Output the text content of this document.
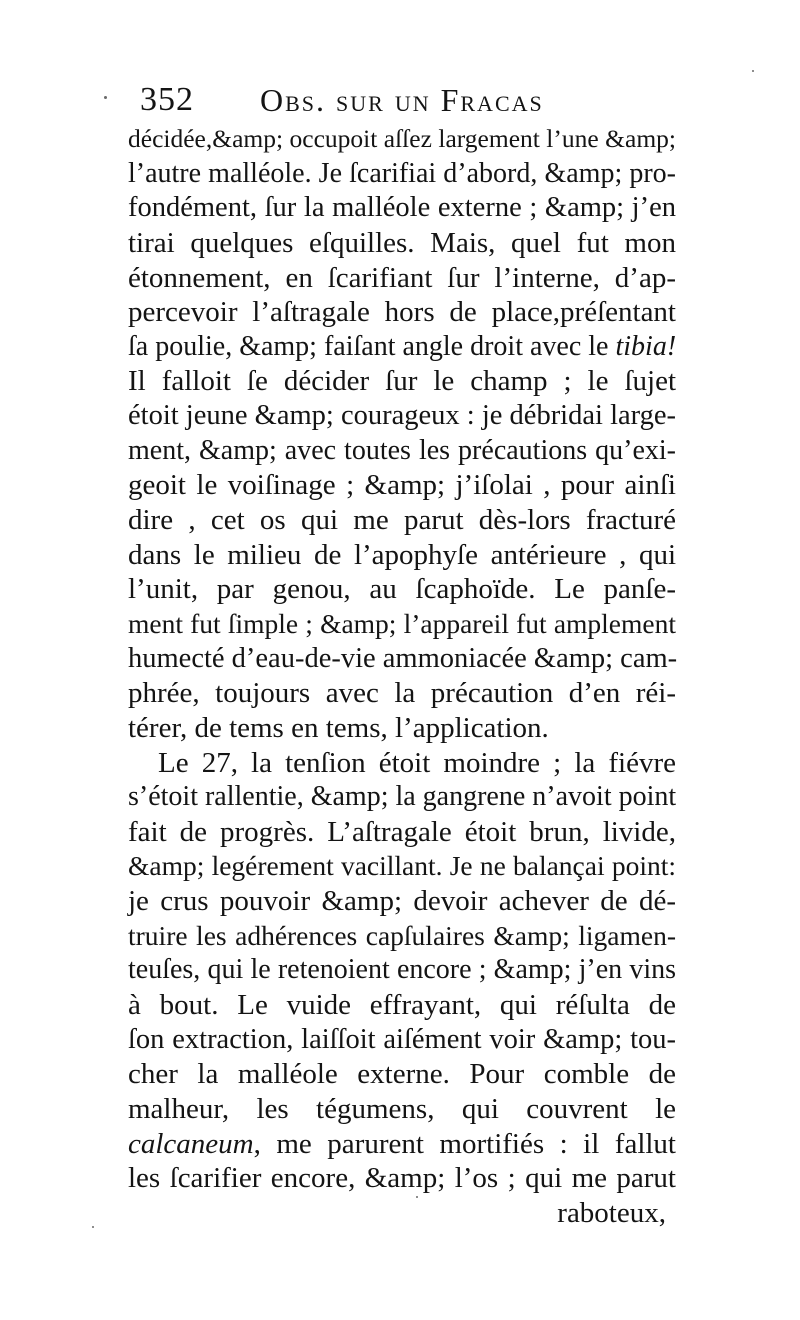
352 Obs. sur un Fracas
décidée,&amp; occupoit aſſez largement l’une &amp;
l’autre malléole. Je ſcarifiai d’abord, &amp; pro-
fondément, ſur la malléole externe ; &amp; j’en
tirai quelques eſquilles. Mais, quel fut mon
étonnement, en ſcarifiant ſur l’interne, d’ap-
percevoir l’aſtragale hors de place,préſentant
ſa poulie, &amp; faiſant angle droit avec le tibia!
Il falloit ſe décider ſur le champ ; le ſujet
étoit jeune &amp; courageux : je débridai large-
ment, &amp; avec toutes les précautions qu’exi-
geoit le voiſinage ; &amp; j’iſolai , pour ainſi
dire , cet os qui me parut dès-lors fracturé
dans le milieu de l’apophyſe antérieure , qui
l’unit, par genou, au ſcaphoïde. Le panſe-
ment fut ſimple ; &amp; l’appareil fut amplement
humecté d’eau-de-vie ammoniacée &amp; cam-
phrée, toujours avec la précaution d’en réi-
térer, de tems en tems, l’application.
Le 27, la tenſion étoit moindre ; la fiévre
s’étoit rallentie, &amp; la gangrene n’avoit point
fait de progrès. L’aſtragale étoit brun, livide,
&amp; legérement vacillant. Je ne balançai point:
je crus pouvoir &amp; devoir achever de dé-
truire les adhérences capſulaires &amp; ligamen-
teuſes, qui le retenoient encore ; &amp; j’en vins
à bout. Le vuide effrayant, qui réſulta de
ſon extraction, laiſſoit aiſément voir &amp; tou-
cher la malléole externe. Pour comble de
malheur, les tégumens, qui couvrent le
calcaneum, me parurent mortifiés : il fallut
les ſcarifier encore, &amp; l’os ; qui me parut
raboteux,
